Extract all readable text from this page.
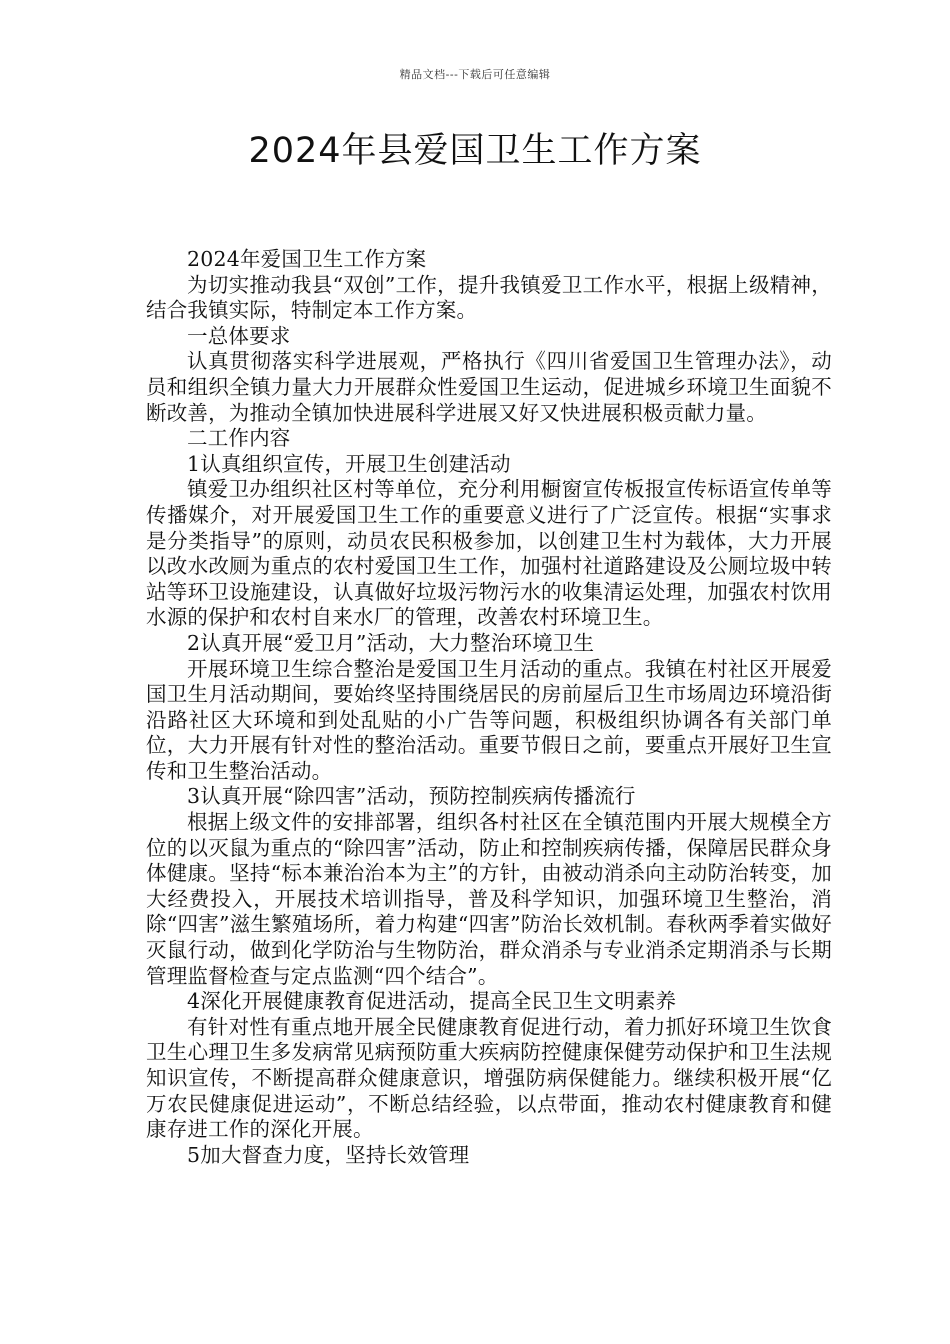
精品文档---下载后可任意编辑
2024年县爱国卫生工作方案

2024年爱国卫生工作方案

为切实推动我县“双创”工作，提升我镇爱卫工作水平，根据上级精神，结合我镇实际，特制定本工作方案。

一总体要求

认真贯彻落实科学进展观，严格执行《四川省爱国卫生管理办法》，动员和组织全镇力量大力开展群众性爱国卫生运动，促进城乡环境卫生面貌不断改善，为推动全镇加快进展科学进展又好又快进展积极贡献力量。

二工作内容

1认真组织宣传，开展卫生创建活动

镇爱卫办组织社区村等单位，充分利用橱窗宣传板报宣传标语宣传单等传播媒介，对开展爱国卫生工作的重要意义进行了广泛宣传。根据“实事求是分类指导”的原则，动员农民积极参加，以创建卫生村为载体，大力开展以改水改厕为重点的农村爱国卫生工作，加强村社道路建设及公厕垃圾中转站等环卫设施建设，认真做好垃圾污物污水的收集清运处理，加强农村饮用水源的保护和农村自来水厂的管理，改善农村环境卫生。

2认真开展“爱卫月”活动，大力整治环境卫生

开展环境卫生综合整治是爱国卫生月活动的重点。我镇在村社区开展爱国卫生月活动期间，要始终坚持围绕居民的房前屋后卫生市场周边环境沿街沿路社区大环境和到处乱贴的小广告等问题，积极组织协调各有关部门单位，大力开展有针对性的整治活动。重要节假日之前，要重点开展好卫生宣传和卫生整治活动。

3认真开展“除四害”活动，预防控制疾病传播流行

根据上级文件的安排部署，组织各村社区在全镇范围内开展大规模全方位的以灭鼠为重点的“除四害”活动，防止和控制疾病传播，保障居民群众身体健康。坚持“标本兼治治本为主”的方针，由被动消杀向主动防治转变，加大经费投入，开展技术培训指导，普及科学知识，加强环境卫生整治，消除“四害”滋生繁殖场所，着力构建“四害”防治长效机制。春秋两季着实做好灭鼠行动，做到化学防治与生物防治，群众消杀与专业消杀定期消杀与长期管理监督检查与定点监测“四个结合”。

4深化开展健康教育促进活动，提高全民卫生文明素养

有针对性有重点地开展全民健康教育促进行动，着力抓好环境卫生饮食卫生心理卫生多发病常见病预防重大疾病防控健康保健劳动保护和卫生法规知识宣传，不断提高群众健康意识，增强防病保健能力。继续积极开展“亿万农民健康促进运动”，不断总结经验，以点带面，推动农村健康教育和健康存进工作的深化开展。

5加大督查力度，坚持长效管理
